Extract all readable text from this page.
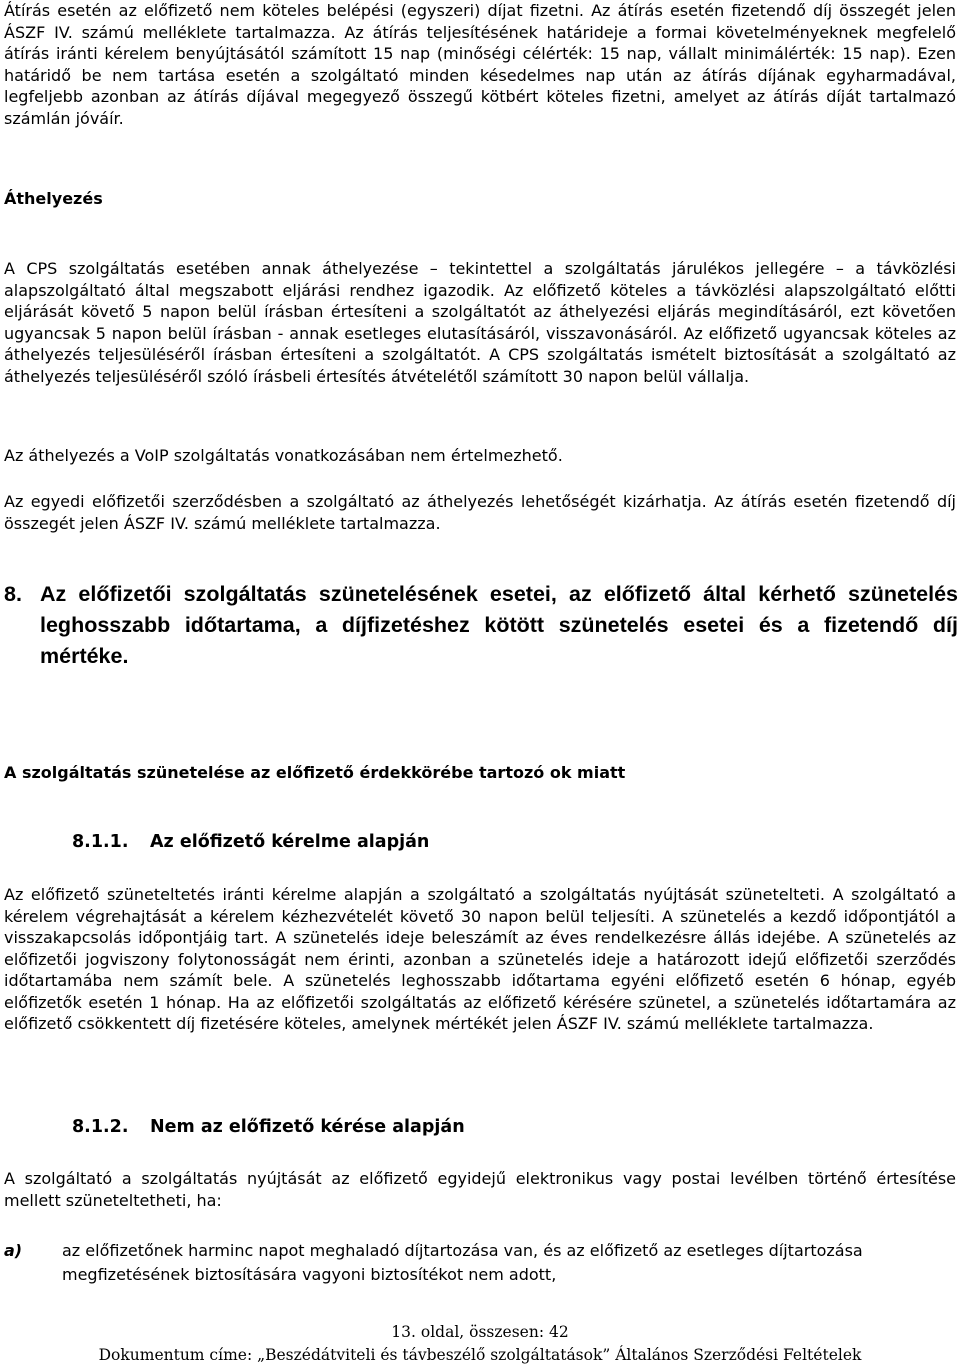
Átírás esetén az előfizető nem köteles belépési (egyszeri) díjat fizetni. Az átírás esetén fizetendő díj összegét jelen ÁSZF IV. számú melléklete tartalmazza. Az átírás teljesítésének határideje a formai követelményeknek megfelelő átírás iránti kérelem benyújtásától számított 15 nap (minőségi célérték: 15 nap, vállalt minimálérték: 15 nap). Ezen határidő be nem tartása esetén a szolgáltató minden késedelmes nap után az átírás díjának egyharmadával, legfeljebb azonban az átírás díjával megegyező összegű kötbért köteles fizetni, amelyet az átírás díját tartalmazó számlán jóváír.

Áthelyezés

A CPS szolgáltatás esetében annak áthelyezése – tekintettel a szolgáltatás járulékos jellegére – a távközlési alapszolgáltató által megszabott eljárási rendhez igazodik. Az előfizető köteles a távközlési alapszolgáltató előtti eljárását követő 5 napon belül írásban értesíteni a szolgáltatót az áthelyezési eljárás megindításáról, ezt követően ugyancsak 5 napon belül írásban - annak esetleges elutasításáról, visszavonásáról. Az előfizető ugyancsak köteles az áthelyezés teljesüléséről írásban értesíteni a szolgáltatót. A CPS szolgáltatás ismételt biztosítását a szolgáltató az áthelyezés teljesüléséről szóló írásbeli értesítés átvételétől számított 30 napon belül vállalja.

Az áthelyezés a VoIP szolgáltatás vonatkozásában nem értelmezhető.

Az egyedi előfizetői szerződésben a szolgáltató az áthelyezés lehetőségét kizárhatja. Az átírás esetén fizetendő díj összegét jelen ÁSZF IV. számú melléklete tartalmazza.

8. Az előfizetői szolgáltatás szünetelésének esetei, az előfizető által kérhető szünetelés leghosszabb időtartama, a díjfizetéshez kötött szünetelés esetei és a fizetendő díj mértéke.

A szolgáltatás szünetelése az előfizető érdekkörébe tartozó ok miatt

8.1.1. Az előfizető kérelme alapján

Az előfizető szüneteltetés iránti kérelme alapján a szolgáltató a szolgáltatás nyújtását szünetelteti. A szolgáltató a kérelem végrehajtását a kérelem kézhezvételét követő 30 napon belül teljesíti. A szünetelés a kezdő időpontjától a visszakapcsolás időpontjáig tart. A szünetelés ideje beleszámít az éves rendelkezésre állás idejébe. A szünetelés az előfizetői jogviszony folytonosságát nem érinti, azonban a szünetelés ideje a határozott idejű előfizetői szerződés időtartamába nem számít bele. A szünetelés leghosszabb időtartama egyéni előfizető esetén 6 hónap, egyéb előfizetők esetén 1 hónap. Ha az előfizetői szolgáltatás az előfizető kérésére szünetel, a szünetelés időtartamára az előfizető csökkentett díj fizetésére köteles, amelynek mértékét jelen ÁSZF IV. számú melléklete tartalmazza.

8.1.2. Nem az előfizető kérése alapján

A szolgáltató a szolgáltatás nyújtását az előfizető egyidejű elektronikus vagy postai levélben történő értesítése mellett szüneteltetheti, ha:

a) az előfizetőnek harminc napot meghaladó díjtartozása van, és az előfizető az esetleges díjtartozása megfizetésének biztosítására vagyoni biztosítékot nem adott,

13. oldal, összesen: 42

Dokumentum címe: „Beszédátviteli és távbeszélő szolgáltatások” Általános Szerződési Feltételek
